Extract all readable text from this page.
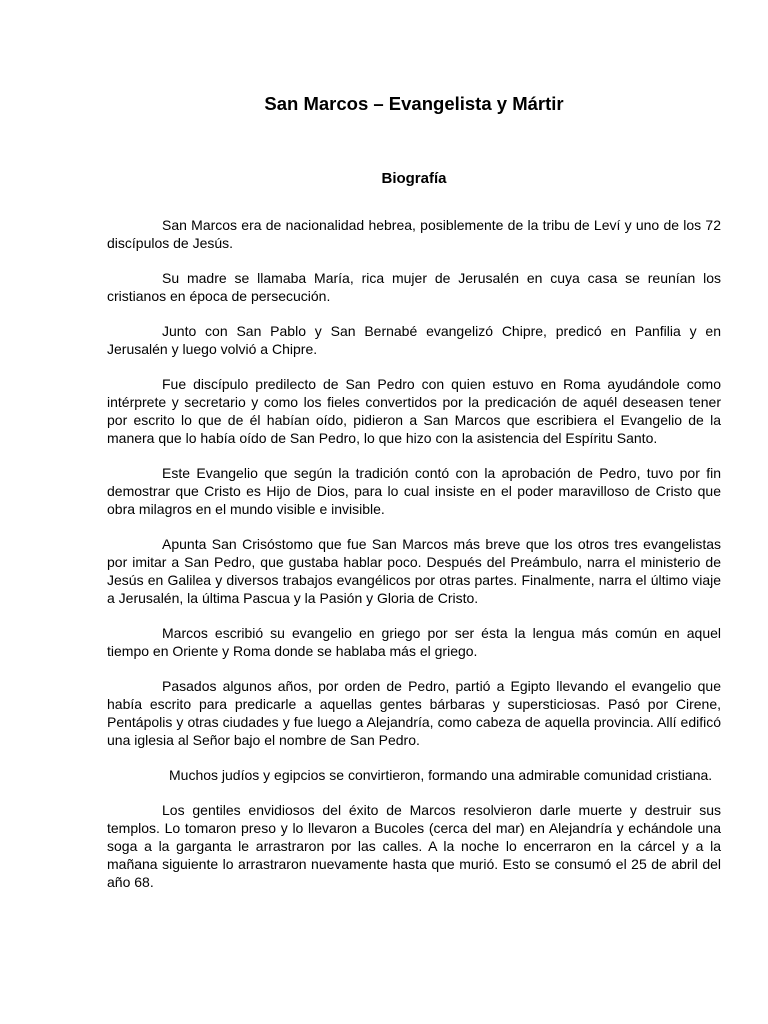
San Marcos – Evangelista y Mártir
Biografía

San Marcos era de nacionalidad hebrea, posiblemente de la tribu de Leví y uno de los 72 discípulos de Jesús.

Su madre se llamaba María, rica mujer de Jerusalén en cuya casa se reunían los cristianos en época de persecución.

Junto con San Pablo y San Bernabé evangelizó Chipre, predicó en Panfilia y en Jerusalén y luego volvió a Chipre.

Fue discípulo predilecto de San Pedro con quien estuvo en Roma ayudándole como intérprete y secretario y como los fieles convertidos por la predicación de aquél deseasen tener por escrito lo que de él habían oído, pidieron a San Marcos que escribiera el Evangelio de la manera que lo había oído de San Pedro, lo que hizo con la asistencia del Espíritu Santo.

Este Evangelio que según la tradición contó con la aprobación de Pedro, tuvo por fin demostrar que Cristo es Hijo de Dios, para lo cual insiste en el poder maravilloso de Cristo que obra milagros en el mundo visible e invisible.

Apunta San Crisóstomo que fue San Marcos más breve que los otros tres evangelistas por imitar a San Pedro, que gustaba hablar poco. Después del Preámbulo, narra el ministerio de Jesús en Galilea y diversos trabajos evangélicos por otras partes. Finalmente, narra el último viaje a Jerusalén, la última Pascua y la Pasión y Gloria de Cristo.

Marcos escribió su evangelio en griego por ser ésta la lengua más común en aquel tiempo en Oriente y Roma donde se hablaba más el griego.

Pasados algunos años, por orden de Pedro, partió a Egipto llevando el evangelio que había escrito para predicarle a aquellas gentes bárbaras y supersticiosas. Pasó por Cirene, Pentápolis y otras ciudades y fue luego a Alejandría, como cabeza de aquella provincia. Allí edificó una iglesia al Señor bajo el nombre de San Pedro.

Muchos judíos y egipcios se convirtieron, formando una admirable comunidad cristiana.

Los gentiles envidiosos del éxito de Marcos resolvieron darle muerte y destruir sus templos. Lo tomaron preso y lo llevaron a Bucoles (cerca del mar) en Alejandría y echándole una soga a la garganta le arrastraron por las calles. A la noche lo encerraron en la cárcel y a la mañana siguiente lo arrastraron nuevamente hasta que murió. Esto se consumó el 25 de abril del año 68.
